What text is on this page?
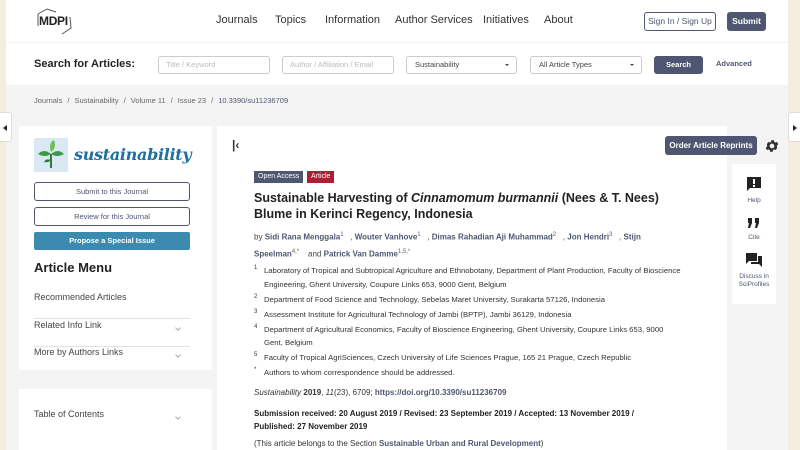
MDPI	Journals Topics Information Author Services Initiatives About	Sign In / Sign Up	Submit
Search for Articles:	Title / Keyword	Author / Affiliation / Email	Sustainability	All Article Types	Search	Advanced
Journals / Sustainability / Volume 11 / Issue 23 / 10.3390/su11236709
sustainability
Submit to this Journal
Review for this Journal
Propose a Special Issue
Article Menu
Recommended Articles
Related Info Link
More by Authors Links
Table of Contents
|‹	Order Article Reprints
Open Access	Article
Sustainable Harvesting of Cinnamomum burmannii (Nees & T. Nees) Blume in Kerinci Regency, Indonesia
by Sidi Rana Menggala$^1$   , Wouter Vanhove$^1$   , Dimas Rahadian Aji Muhammad$^2$   , Jon Hendri$^3$   , Stijn Speelman$^{4,*}$ and Patrick Van Damme$^{1,5,*}$
1 Laboratory of Tropical and Subtropical Agriculture and Ethnobotany, Department of Plant Production, Faculty of Bioscience Engineering, Ghent University, Coupure Links 653, 9000 Gent, Belgium
2 Department of Food Science and Technology, Sebelas Maret University, Surakarta 57126, Indonesia
3 Assessment Institute for Agricultural Technology of Jambi (BPTP), Jambi 36129, Indonesia
4 Department of Agricultural Economics, Faculty of Bioscience Engineering, Ghent University, Coupure Links 653, 9000 Gent, Belgium
5 Faculty of Tropical AgriSciences, Czech University of Life Sciences Prague, 165 21 Prague, Czech Republic
* Authors to whom correspondence should be addressed.
Sustainability 2019, 11(23), 6709; https://doi.org/10.3390/su11236709
Submission received: 20 August 2019 / Revised: 23 September 2019 / Accepted: 13 November 2019 / Published: 27 November 2019
(This article belongs to the Section Sustainable Urban and Rural Development)
Help
Cite
Discuss in
SciProfiles
